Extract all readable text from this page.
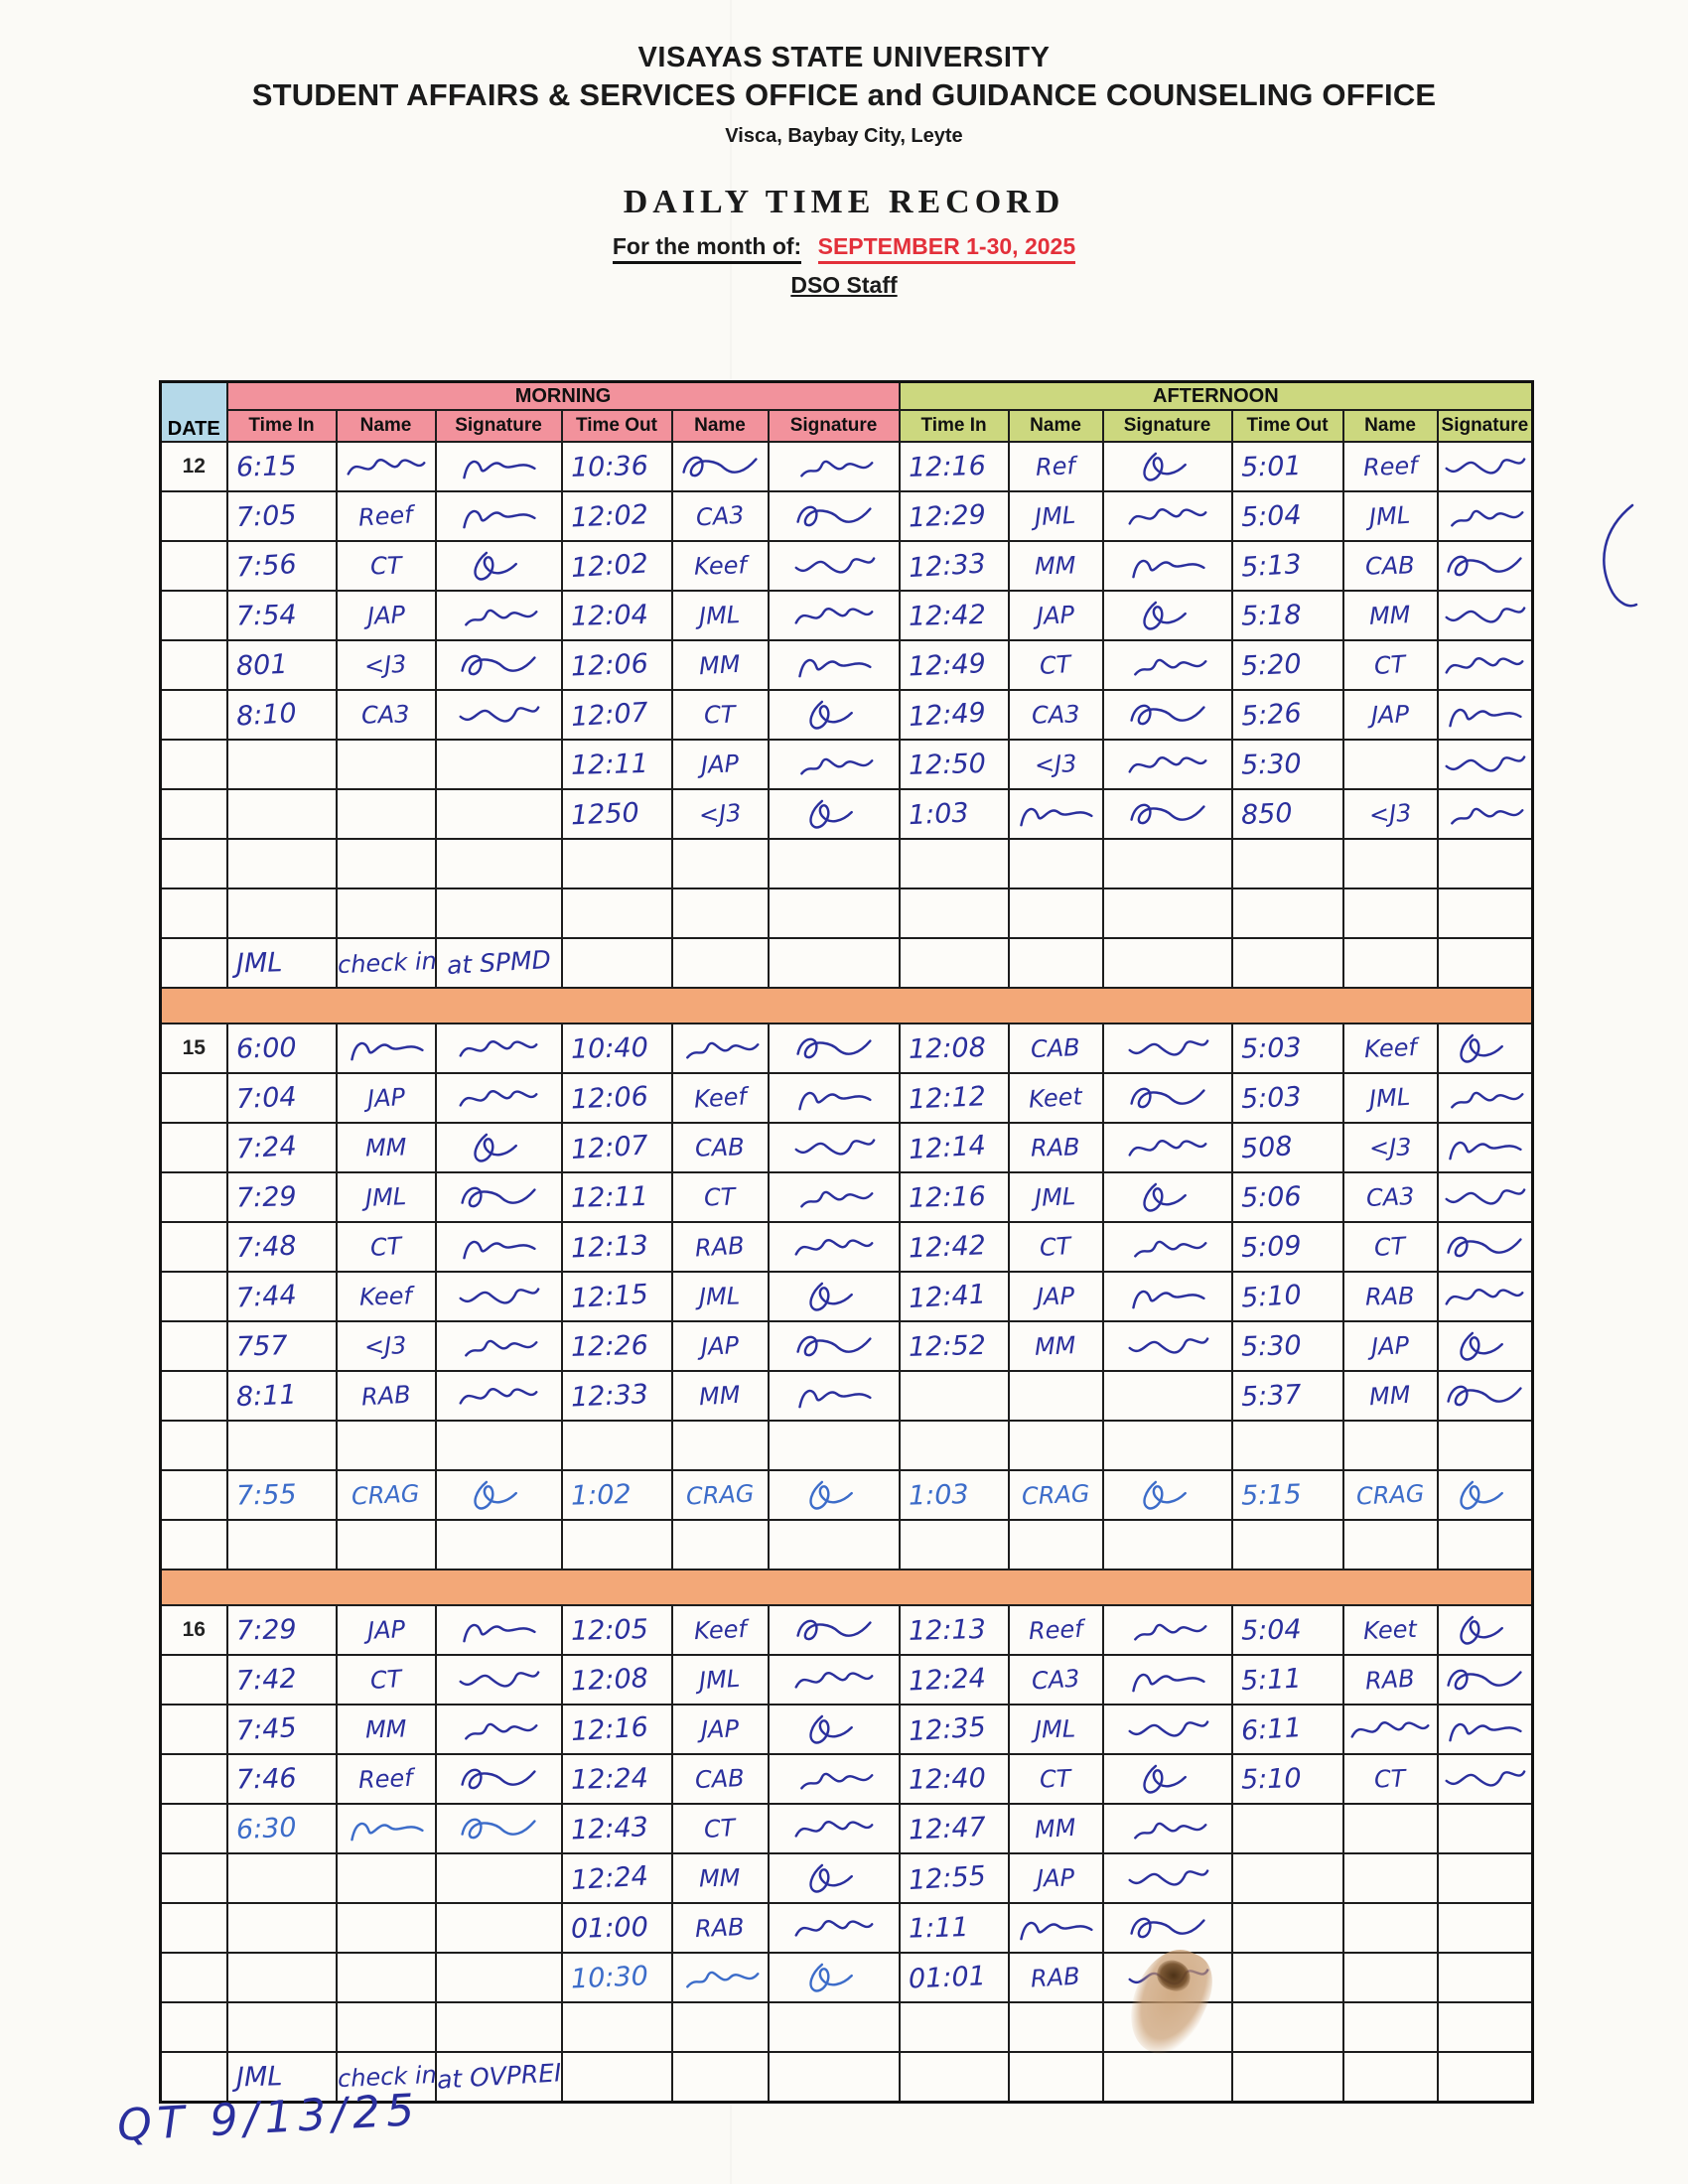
VISAYAS STATE UNIVERSITY

STUDENT AFFAIRS & SERVICES OFFICE and GUIDANCE COUNSELING OFFICE

Visca, Baybay City, Leyte

DAILY TIME RECORD

For the month of: SEPTEMBER 1-30, 2025

DSO Staff

DATE	MORNING						AFTERNOON					
	Time In	Name	Signature	Time Out	Name	Signature	Time In	Name	Signature	Time Out	Name	Signature
12	6:15			10:36			12:16	Ref		5:01	Reef	

	7:05	Reef		12:02	CA3		12:29	JML		5:04	JML	

	7:56	CT		12:02	Keef		12:33	MM		5:13	CAB	

	7:54	JAP		12:04	JML		12:42	JAP		5:18	MM	

	801	<J3		12:06	MM		12:49	CT		5:20	CT	

	8:10	CA3		12:07	CT		12:49	CA3		5:26	JAP	

				12:11	JAP		12:50	<J3		5:30		

				1250	<J3		1:03			850	<J3	

	JML	check in	at SPMD									

15	6:00			10:40			12:08	CAB		5:03	Keef	

	7:04	JAP		12:06	Keef		12:12	Keet		5:03	JML	

	7:24	MM		12:07	CAB		12:14	RAB		508	<J3	

	7:29	JML		12:11	CT		12:16	JML		5:06	CA3	

	7:48	CT		12:13	RAB		12:42	CT		5:09	CT	

	7:44	Keef		12:15	JML		12:41	JAP		5:10	RAB	

	757	<J3		12:26	JAP		12:52	MM		5:30	JAP	

	8:11	RAB		12:33	MM					5:37	MM	

	7:55	CRAG		1:02	CRAG		1:03	CRAG		5:15	CRAG	

16	7:29	JAP		12:05	Keef		12:13	Reef		5:04	Keet	

	7:42	CT		12:08	JML		12:24	CA3		5:11	RAB	

	7:45	MM		12:16	JAP		12:35	JML		6:11	

	7:46	Reef		12:24	CAB		12:40	CT		5:10	CT	

	6:30			12:43	CT		12:47	MM	

				12:24	MM		12:55	JAP	

				01:00	RAB		1:11	

				10:30			01:01	RAB	

	JML	check in	at OVPREI									
QT 9/13/25
